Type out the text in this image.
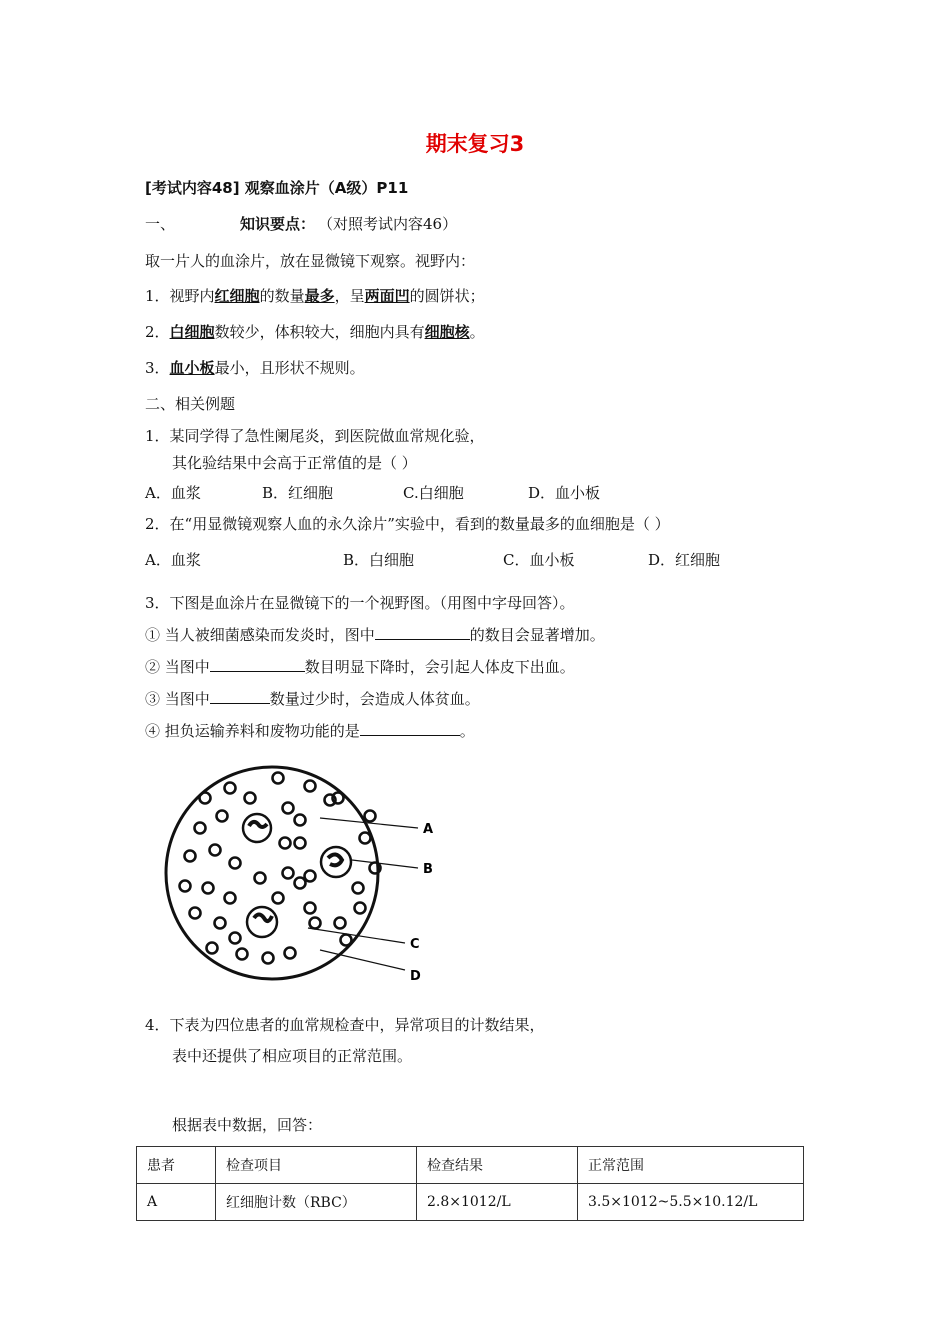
期末复习3
[考试内容48] 观察血涂片（A级）P11
一、	知识要点： （对照考试内容46）
取一片人的血涂片，放在显微镜下观察。视野内：
1．视野内红细胞的数量最多，呈两面凹的圆饼状；
2．白细胞数较少，体积较大，细胞内具有细胞核。
3．血小板最小，且形状不规则。
二、相关例题
1．某同学得了急性阑尾炎，到医院做血常规化验，
其化验结果中会高于正常值的是（ ）
A．血浆	B．红细胞	C.白细胞	D．血小板
2．在“用显微镜观察人血的永久涂片”实验中，看到的数量最多的血细胞是（ ）
A．血浆	B．白细胞	C．血小板	D．红细胞
3．下图是血涂片在显微镜下的一个视野图。（用图中字母回答）。
① 当人被细菌感染而发炎时，图中	的数目会显著增加。
② 当图中	数目明显下降时，会引起人体皮下出血。
③ 当图中	数量过少时，会造成人体贫血。
④ 担负运输养料和废物功能的是	。
A
B
C
D
4．下表为四位患者的血常规检查中，异常项目的计数结果，
表中还提供了相应项目的正常范围。
根据表中数据，回答：
患者	检查项目	检查结果	正常范围
A	红细胞计数（RBC）	2.8×1012/L	3.5×1012~5.5×10.12/L
